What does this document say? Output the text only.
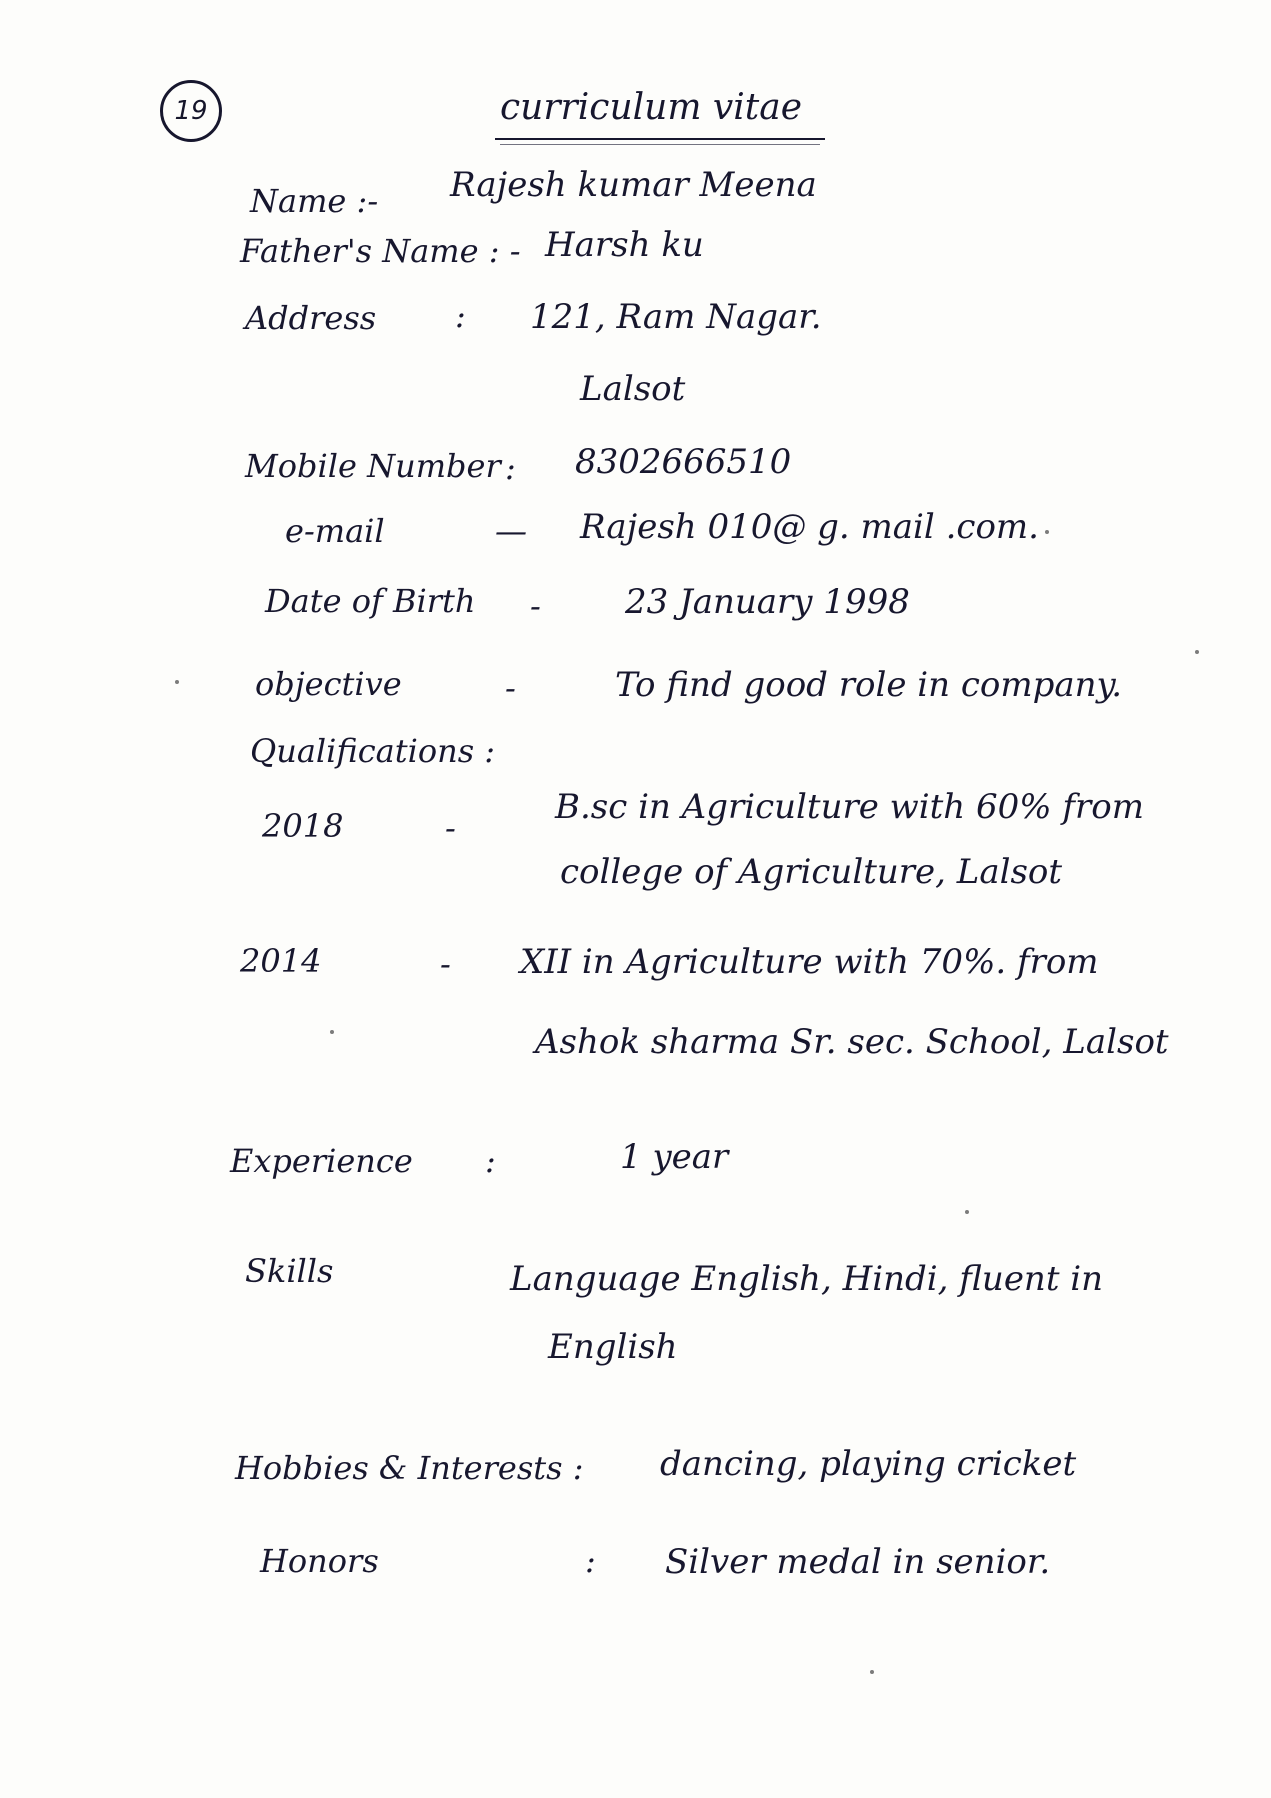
19	curriculum vitae
Name :- Rajesh kumar Meena
Father's Name : - Harsh ku
Address : 121, Ram Nagar.
Lalsot
Mobile Number : 8302666510
e-mail	— Rajesh 010@ g. mail .com.
Date of Birth - 23 January 1998
objective	-	To find good role in company.
Qualifications :
2018	-
B.sc in Agriculture with 60% from
college of Agriculture, Lalsot
2014	- XII in Agriculture with 70%. from
Ashok sharma Sr. sec. School, Lalsot
Experience :	1 year
Skills	Language English, Hindi, fluent in
English
Hobbies & Interests : dancing, playing cricket
Honors	: Silver medal in senior.
